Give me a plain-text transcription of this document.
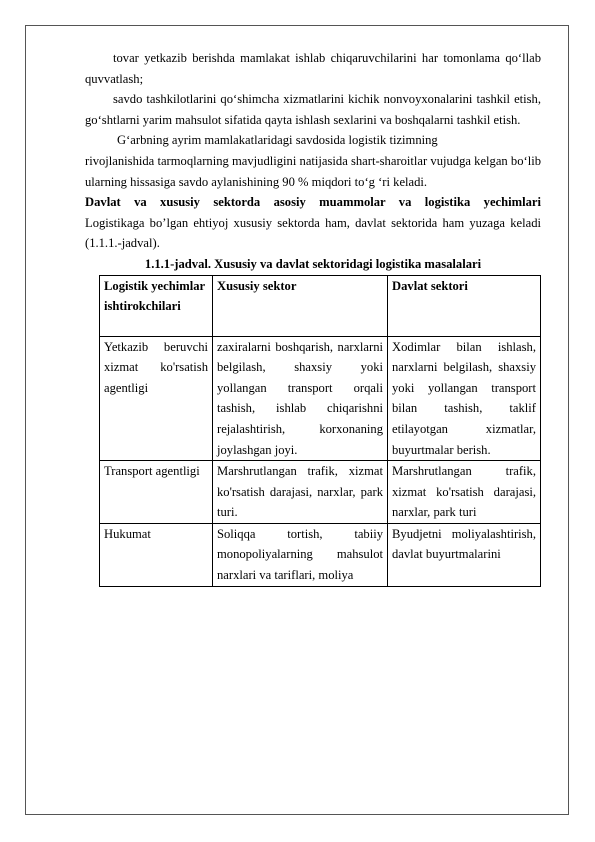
tovar yetkazib berishda mamlakat ishlab chiqaruvchilarini har tomonlama qo‘llab quvvatlash;

savdo tashkilotlarini qo‘shimcha xizmatlarini kichik nonvoyxonalarini tashkil etish, go‘shtlarni yarim mahsulot sifatida qayta ishlash sexlarini va boshqalarni tashkil etish.

G‘arbning ayrim mamlakatlaridagi savdosida logistik tizimning

rivojlanishida tarmoqlarning mavjudligini natijasida shart-sharoitlar vujudga kelgan bo‘lib ularning hissasiga savdo aylanishining 90 % miqdori to‘g ‘ri keladi.

Davlat va xususiy sektorda asosiy muammolar va logistika yechimlari

Logistikaga bo’lgan ehtiyoj xususiy sektorda ham, davlat sektorida ham yuzaga keladi (1.1.1.-jadval).

1.1.1-jadval. Xususiy va davlat sektoridagi logistika masalalari

Logistik yechimlar ishtirokchilari	Xususiy sektor	Davlat sektori
Yetkazib beruvchi xizmat ko'rsatish agentligi	zaxiralarni boshqarish, narxlarni belgilash, shaxsiy yoki yollangan transport orqali tashish, ishlab chiqarishni rejalashtirish, korxonaning joylashgan joyi.	Xodimlar bilan ishlash, narxlarni belgilash, shaxsiy yoki yollangan transport bilan tashish, taklif etilayotgan xizmatlar, buyurtmalar berish.
Transport agentligi	Marshrutlangan trafik, xizmat ko'rsatish darajasi, narxlar, park turi.	Marshrutlangan trafik, xizmat ko'rsatish darajasi, narxlar, park turi
Hukumat	Soliqqa tortish, tabiiy monopoliyalarning mahsulot narxlari va tariflari, moliya	Byudjetni moliyalashtirish, davlat buyurtmalarini
